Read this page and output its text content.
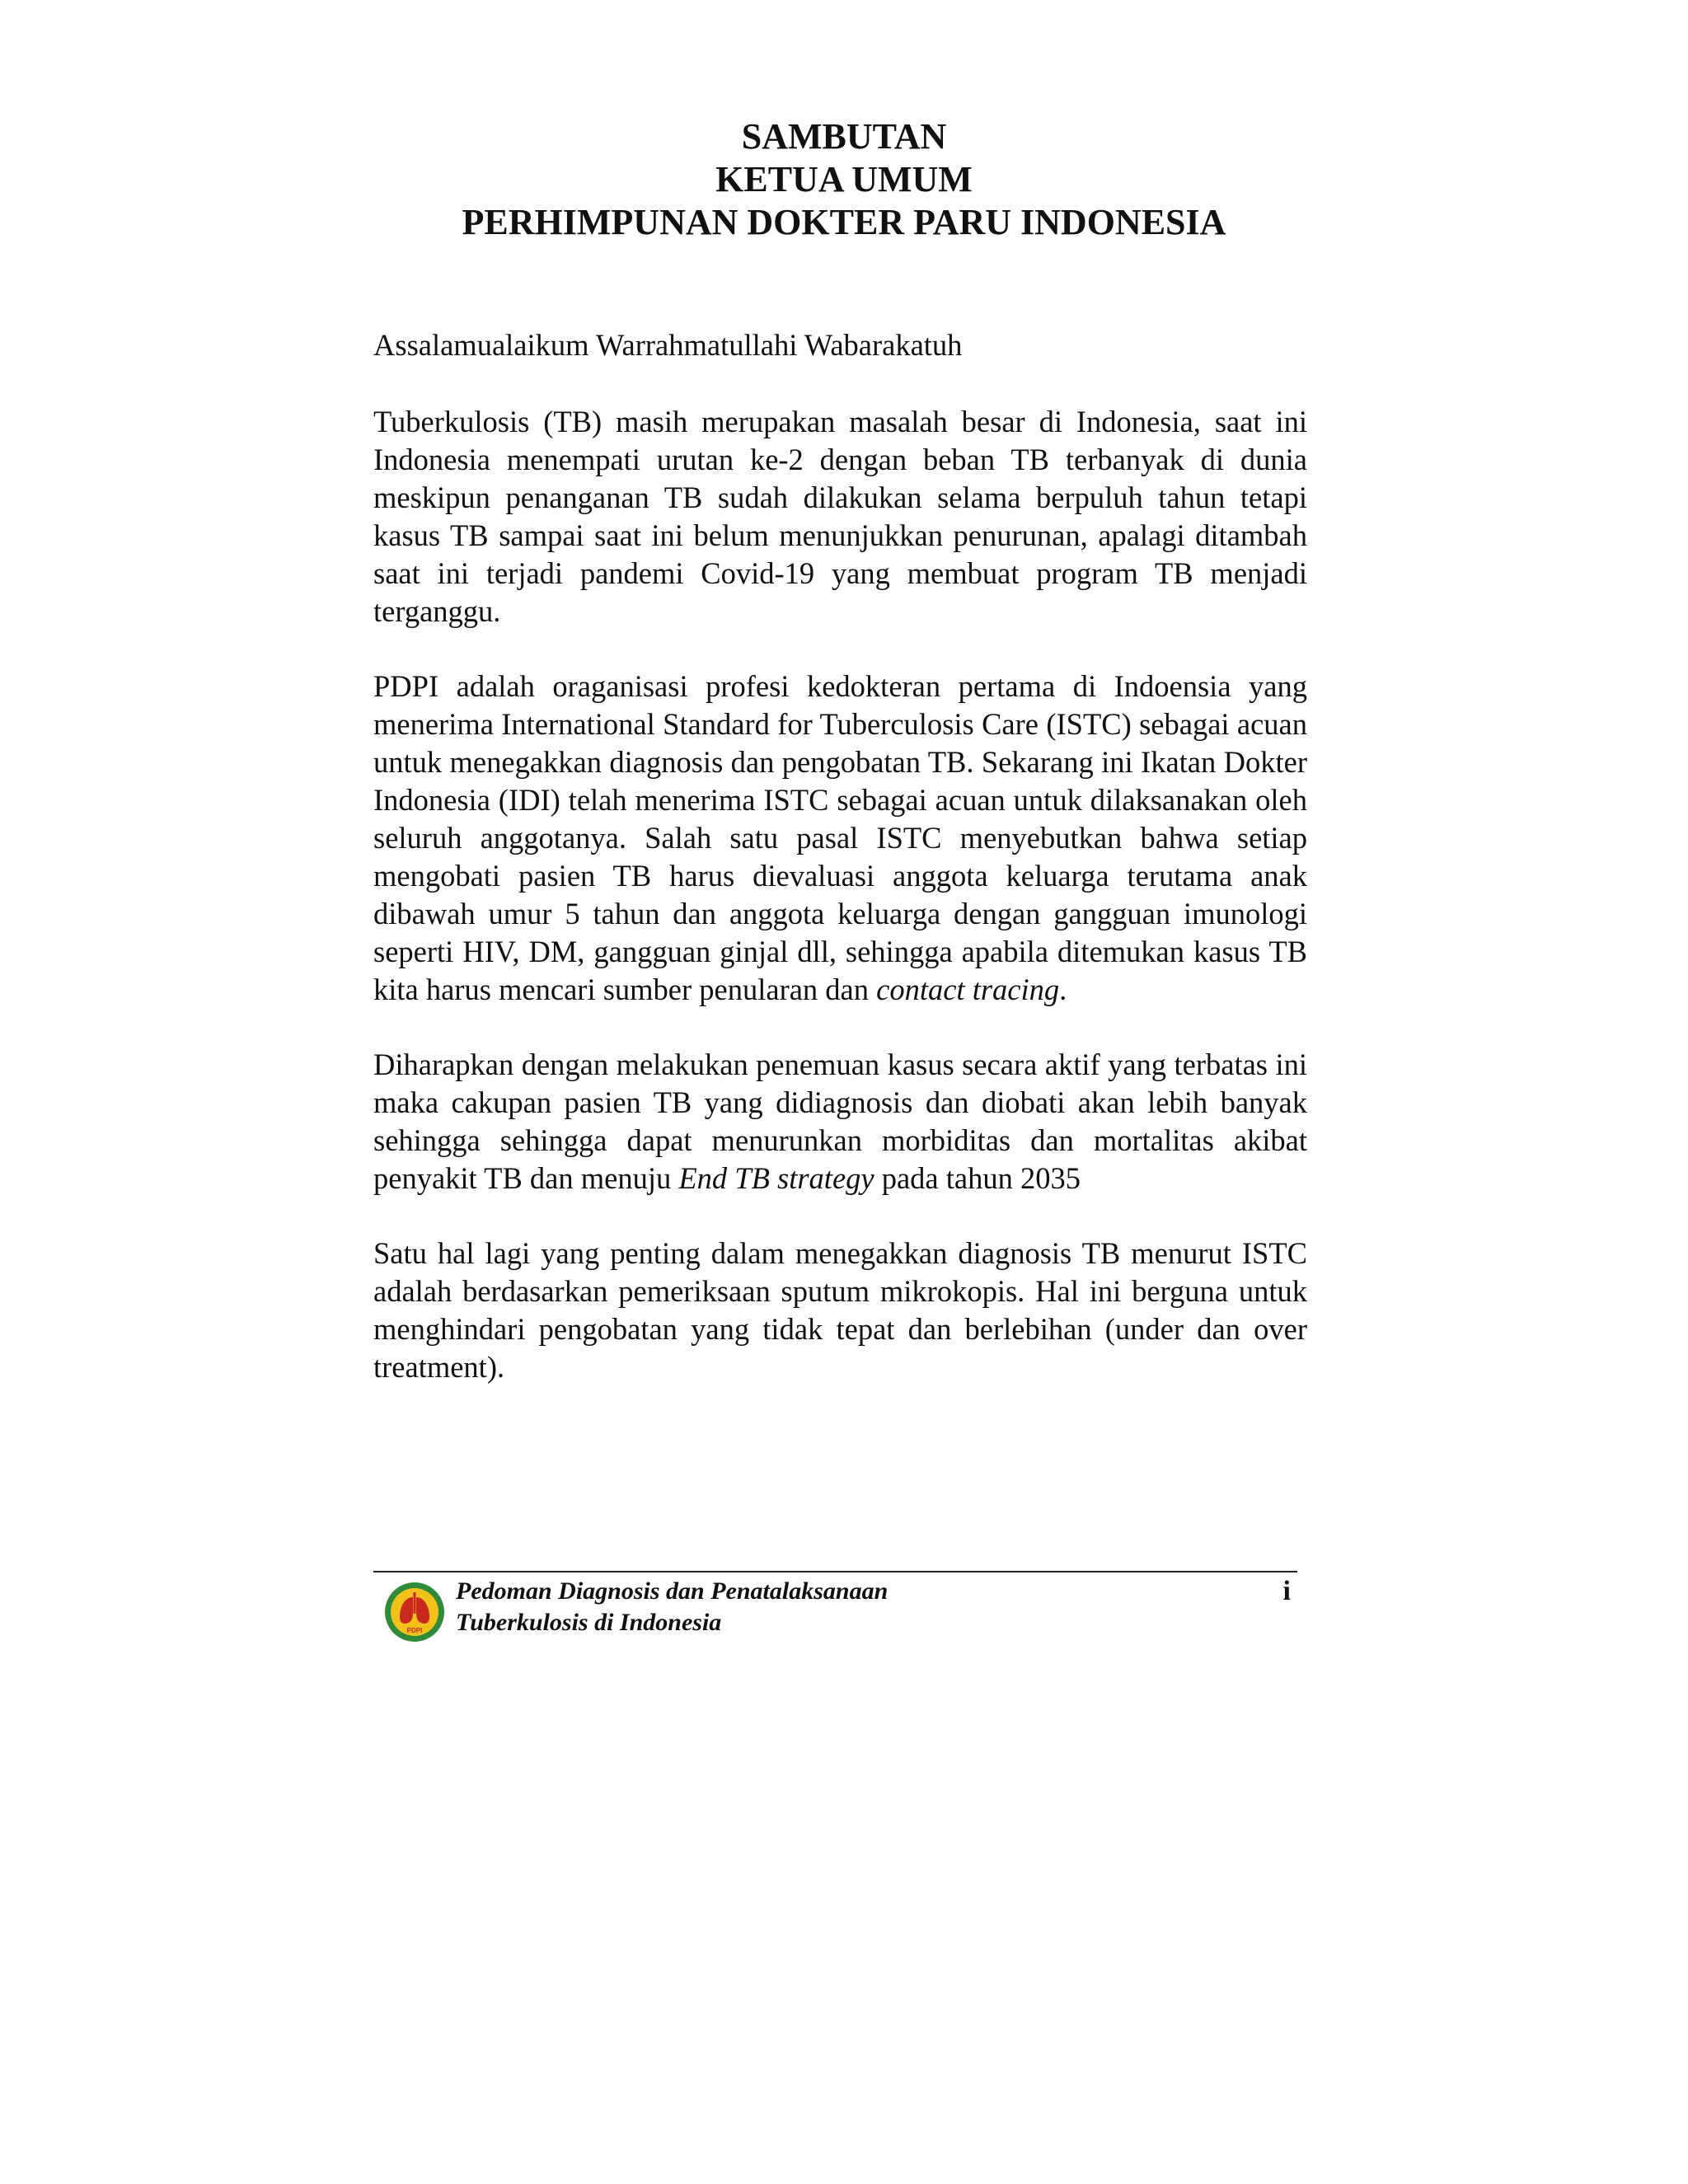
SAMBUTAN
KETUA UMUM
PERHIMPUNAN DOKTER PARU INDONESIA

Assalamualaikum Warrahmatullahi Wabarakatuh

Tuberkulosis (TB) masih merupakan masalah besar di Indonesia, saat ini Indonesia menempati urutan ke-2 dengan beban TB terbanyak di dunia meskipun penanganan TB sudah dilakukan selama berpuluh tahun tetapi kasus TB sampai saat ini belum menunjukkan penurunan, apalagi ditambah saat ini terjadi pandemi Covid-19 yang membuat program TB menjadi terganggu.

PDPI adalah oraganisasi profesi kedokteran pertama di Indoensia yang menerima International Standard for Tuberculosis Care (ISTC) sebagai acuan untuk menegakkan diagnosis dan pengobatan TB. Sekarang ini Ikatan Dokter Indonesia (IDI) telah menerima ISTC sebagai acuan untuk dilaksanakan oleh seluruh anggotanya. Salah satu pasal ISTC menyebutkan bahwa setiap mengobati pasien TB harus dievaluasi anggota keluarga terutama anak dibawah umur 5 tahun dan anggota keluarga dengan gangguan imunologi seperti HIV, DM, gangguan ginjal dll, sehingga apabila ditemukan kasus TB kita harus mencari sumber penularan dan contact tracing.

Diharapkan dengan melakukan penemuan kasus secara aktif yang terbatas ini maka cakupan pasien TB yang didiagnosis dan diobati akan lebih banyak sehingga sehingga dapat menurunkan morbiditas dan mortalitas akibat penyakit TB dan menuju End TB strategy pada tahun 2035

Satu hal lagi yang penting dalam menegakkan diagnosis TB menurut ISTC adalah berdasarkan pemeriksaan sputum mikrokopis. Hal ini berguna untuk menghindari pengobatan yang tidak tepat dan berlebihan (under dan over treatment).

PDPI
Pedoman Diagnosis dan Penatalaksanaan
Tuberkulosis di Indonesia
i
